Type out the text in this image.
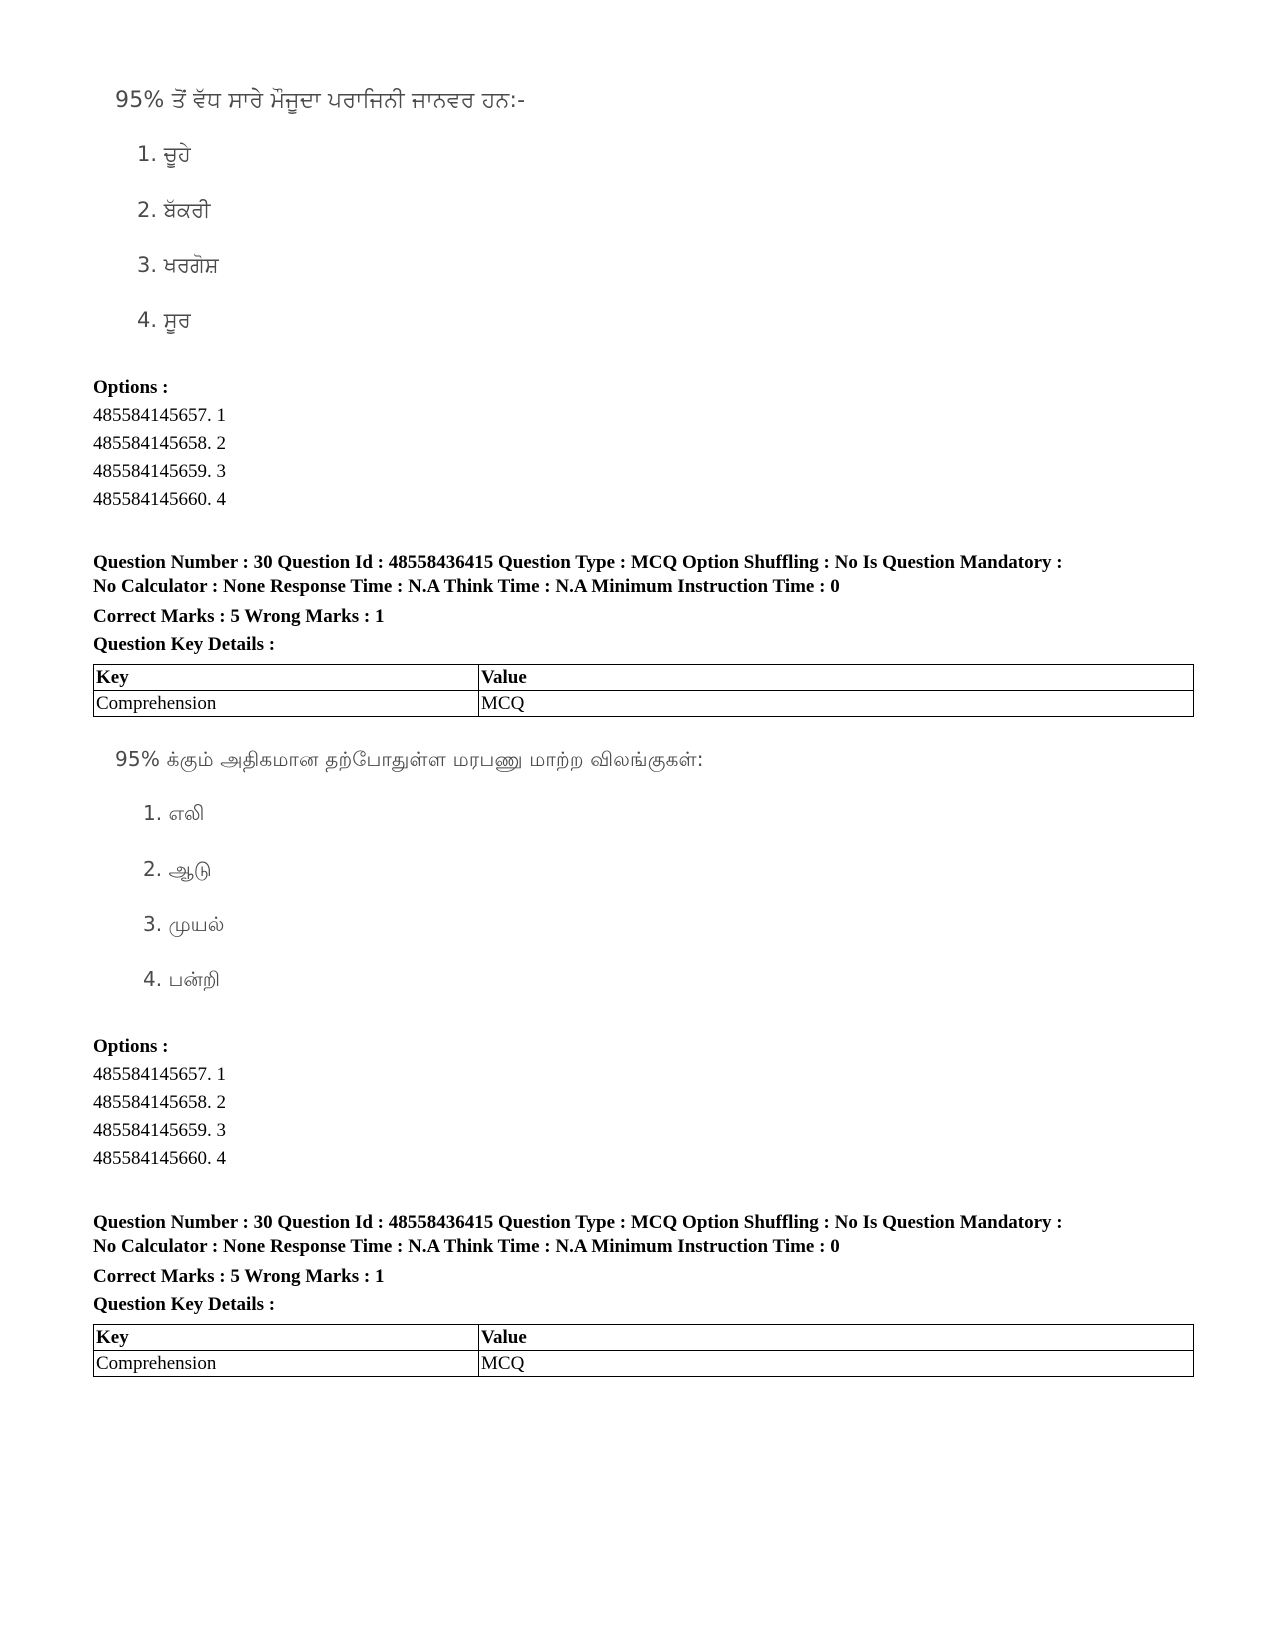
95% ਤੋਂ ਵੱਧ ਸਾਰੇ ਮੌਜੂਦਾ ਪਰਾਜਿਨੀ ਜਾਨਵਰ ਹਨ:-
1. ਚੂਹੇ
2. ਬੱਕਰੀ
3. ਖਰਗੋਸ਼
4. ਸੂਰ
Options :
485584145657. 1
485584145658. 2
485584145659. 3
485584145660. 4
Question Number : 30 Question Id : 48558436415 Question Type : MCQ Option Shuffling : No Is Question Mandatory :
No Calculator : None Response Time : N.A Think Time : N.A Minimum Instruction Time : 0
Correct Marks : 5 Wrong Marks : 1
Question Key Details :
Key	Value
Comprehension	MCQ
95% க்கும் அதிகமான தற்போதுள்ள மரபணு மாற்ற விலங்குகள்:
1. எலி
2. ஆடு
3. முயல்
4. பன்றி
Options :
485584145657. 1
485584145658. 2
485584145659. 3
485584145660. 4
Question Number : 30 Question Id : 48558436415 Question Type : MCQ Option Shuffling : No Is Question Mandatory :
No Calculator : None Response Time : N.A Think Time : N.A Minimum Instruction Time : 0
Correct Marks : 5 Wrong Marks : 1
Question Key Details :
Key	Value
Comprehension	MCQ
